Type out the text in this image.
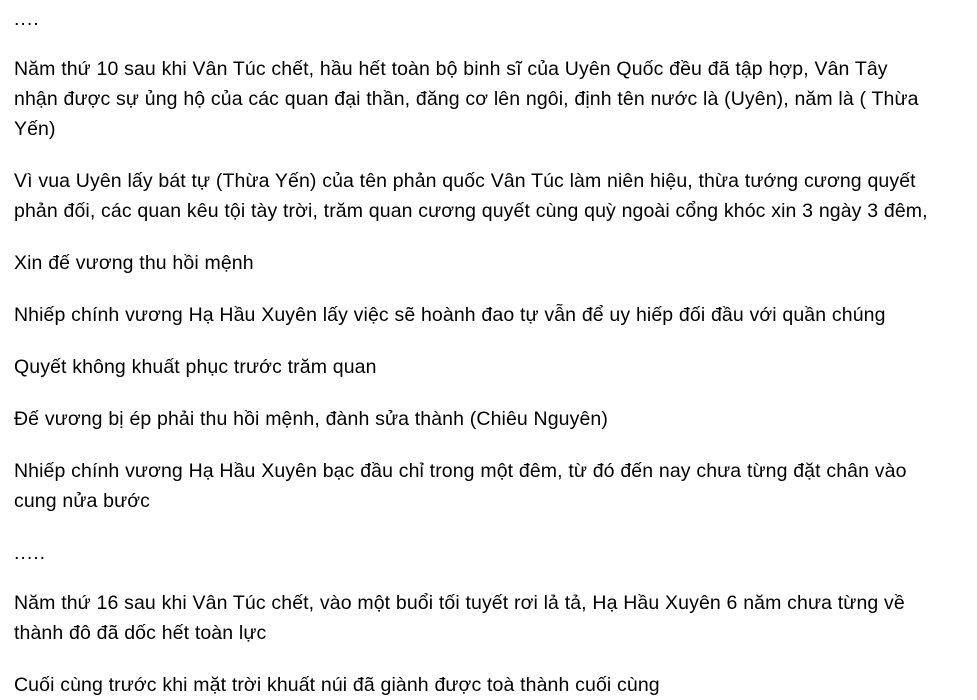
....

Năm thứ 10 sau khi Vân Túc chết, hầu hết toàn bộ binh sĩ của Uyên Quốc đều đã tập hợp, Vân Tây nhận được sự ủng hộ của các quan đại thần, đăng cơ lên ngôi, định tên nước là (Uyên), năm là ( Thừa Yến)

Vì vua Uyên lấy bát tự (Thừa Yến) của tên phản quốc Vân Túc làm niên hiệu, thừa tướng cương quyết phản đối, các quan kêu tội tày trời, trăm quan cương quyết cùng quỳ ngoài cổng khóc xin 3 ngày 3 đêm,

Xin đế vương thu hồi mệnh

Nhiếp chính vương Hạ Hầu Xuyên lấy việc sẽ hoành đao tự vẫn để uy hiếp đối đầu với quần chúng

Quyết không khuất phục trước trăm quan

Đế vương bị ép phải thu hồi mệnh, đành sửa thành (Chiêu Nguyên)

Nhiếp chính vương Hạ Hầu Xuyên bạc đầu chỉ trong một đêm, từ đó đến nay chưa từng đặt chân vào cung nửa bước

.....

Năm thứ 16 sau khi Vân Túc chết, vào một buổi tối tuyết rơi lả tả, Hạ Hầu Xuyên 6 năm chưa từng về thành đô đã dốc hết toàn lực

Cuối cùng trước khi mặt trời khuất núi đã giành được toà thành cuối cùng
